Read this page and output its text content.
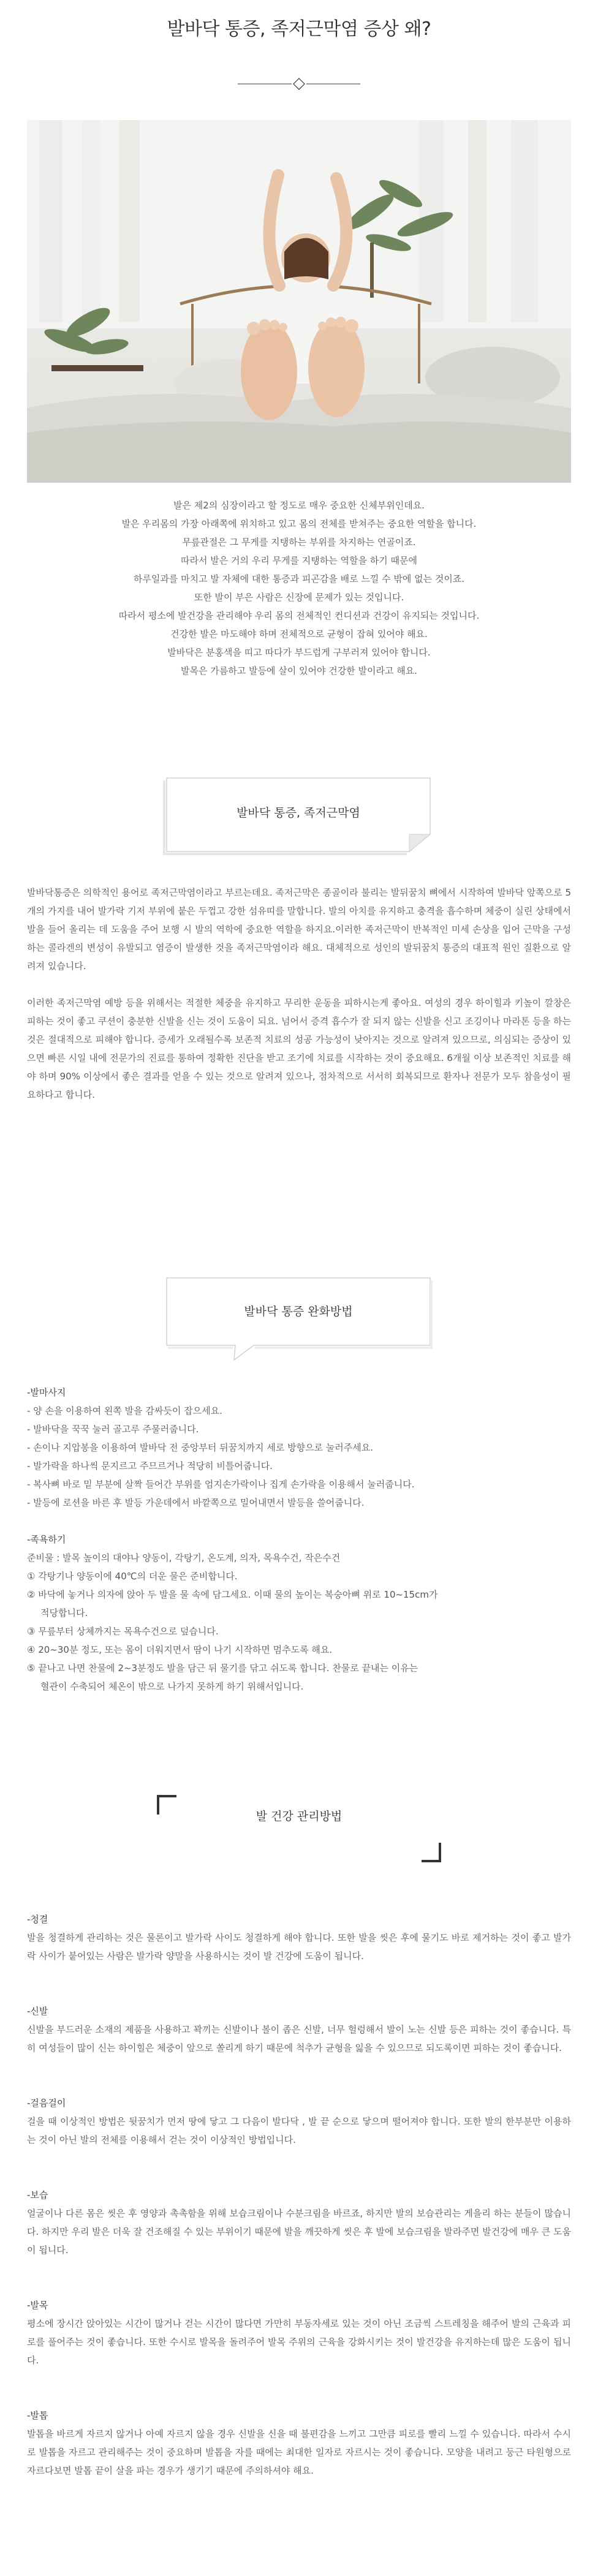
발바닥 통증, 족저근막염 증상 왜?

발은 제2의 심장이라고 할 정도로 매우 중요한 신체부위인데요.

발은 우리몸의 가장 아래쪽에 위치하고 있고 몸의 전체를 받쳐주는 중요한 역할을 합니다.

무릎관절은 그 무게를 지탱하는 부위를 차지하는 연골이죠.

따라서 발은 거의 우리 무게를 지탱하는 역할을 하기 때문에

하루일과를 마치고 발 자체에 대한 통증과 피곤감을 배로 느낄 수 밖에 없는 것이죠.

또한 발이 부은 사람은 신장에 문제가 있는 것입니다.

따라서 평소에 발건강을 관리해야 우리 몸의 전체적인 컨디션과 건강이 유지되는 것입니다.

건강한 발은 마도해야 하며 전체적으로 균형이 잡혀 있어야 해요.

발바닥은 분홍색을 띠고 따다가 부드럽게 구부러져 있어야 합니다.

발목은 가름하고 발등에 살이 있어야 건강한 발이라고 해요.

발바닥 통증, 족저근막염

발바닥통증은 의학적인 용어로 족저근막염이라고 부르는데요. 족저근막은 종골이라 불리는 발뒤꿈치 뼈에서 시작하여 발바닥 앞쪽으로 5개의 가지를 내어 발가락 기저 부위에 붙은 두껍고 강한 섬유띠를 말합니다. 발의 아치를 유지하고 충격을 흡수하며 체중이 실린 상태에서 발을 들어 올리는 데 도움을 주어 보행 시 발의 역학에 중요한 역할을 하지요.이러한 족저근막이 반복적인 미세 손상을 입어 근막을 구성하는 콜라겐의 변성이 유발되고 염증이 발생한 것을 족저근막염이라 해요. 대체적으로 성인의 발뒤꿈치 통증의 대표적 원인 질환으로 알려져 있습니다.

이러한 족저근막염 예방 등을 위해서는 적절한 체중을 유지하고 무리한 운동을 피하시는게 좋아요. 여성의 경우 하이힐과 키높이 깔창은 피하는 것이 좋고 쿠션이 충분한 신발을 신는 것이 도움이 되요. 넘어서 증격 흡수가 잘 되지 않는 신발을 신고 조깅이나 마라톤 등을 하는 것은 절대적으로 피해야 합니다. 증세가 오래될수록 보존적 치료의 성공 가능성이 낮아지는 것으로 알려져 있으므로, 의심되는 증상이 있으면 빠른 시일 내에 전문가의 진료를 통하여 정확한 진단을 받고 조기에 치료를 시작하는 것이 중요해요. 6개월 이상 보존적인 치료를 해야 하며 90% 이상에서 좋은 결과를 얻을 수 있는 것으로 알려져 있으나, 점차적으로 서서히 회복되므로 환자나 전문가 모두 참을성이 필요하다고 합니다.

발바닥 통증 완화방법
-발마사지
- 양 손을 이용하여 왼쪽 발을 감싸듯이 잡으세요.
- 발바닥을 꾹꾹 눌러 골고루 주물러줍니다.
- 손이나 지압봉을 이용하여 발바닥 전 중앙부터 뒤꿈치까지 세로 방향으로 눌러주세요.
- 발가락을 하나씩 문지르고 주므르거나 적당히 비틀어줍니다.
- 복사뼈 바로 밑 부분에 살짝 들어간 부위를 엄지손가락이나 집게 손가락을 이용해서 눌러줍니다.
- 발등에 로션을 바른 후 발등 가운데에서 바깥쪽으로 밀어내면서 발등을 쓸어줍니다.
-족욕하기
준비물 : 발목 높이의 대야나 양동이, 각탕기, 온도계, 의자, 목욕수건, 작은수건
① 각탕기나 양동이에 40℃의 더운 물은 준비합니다.
② 바닥에 놓거나 의자에 앉아 두 발을 물 속에 담그세요. 이때 물의 높이는 복숭아뼈 위로 10~15cm가
적당합니다.
③ 무릎부터 상체까지는 목욕수건으로 덮습니다.
④ 20~30분 정도, 또는 몸이 더워지면서 땀이 나기 시작하면 멈추도록 해요.
⑤ 끝나고 나면 찬물에 2~3분정도 발을 담근 뒤 물기를 닦고 쉬도록 합니다. 찬물로 끝내는 이유는
혈관이 수축되어 체온이 밖으로 나가지 못하게 하기 위해서입니다.
발 건강 관리방법
-청결
발을 청결하게 관리하는 것은 물론이고 발가락 사이도 청결하게 해야 합니다. 또한 발을 씻은 후에 물기도 바로 제거하는 것이 좋고 발가락 사이가 붙어있는 사람은 발가락 양말을 사용하시는 것이 발 건강에 도움이 됩니다.
-신발
신발을 부드러운 소재의 제품을 사용하고 꽉끼는 신발이나 볼이 좁은 신발, 너무 헐렁해서 발이 노는 신발 등은 피하는 것이 좋습니다. 특히 여성들이 많이 신는 하이힐은 체중이 앞으로 쏠리게 하기 때문에 척추가 균형을 잃을 수 있으므로 되도록이면 피하는 것이 좋습니다.
-걸음걸이
걸을 때 이상적인 방법은 뒷꿈치가 먼저 땅에 닿고 그 다음이 발다닥 , 발 끝 순으로 닿으며 떨어져야 합니다. 또한 발의 한부분만 이용하는 것이 아닌 발의 전체를 이용해서 걷는 것이 이상적인 방법입니다.
-보습
얼굴이나 다른 몸은 씻은 후 영양과 촉촉함을 위해 보습크림이나 수분크림을 바르죠, 하지만 발의 보습관리는 게을리 하는 분들이 많습니다. 하지만 우리 발은 더욱 잘 건조해질 수 있는 부위이기 때문에 발을 깨끗하게 씻은 후 발에 보습크림을 발라주면 발건강에 매우 큰 도움이 됩니다.
-발목
평소에 장시간 앉아있는 시간이 많거나 걷는 시간이 많다면 가만히 부동자세로 있는 것이 아닌 조금씩 스트레칭을 해주어 발의 근육과 피로를 풀어주는 것이 좋습니다. 또한 수시로 발목을 돌려주어 발목 주위의 근육을 강화시키는 것이 발건강을 유지하는데 많은 도움이 됩니다.
-발톱
발톱을 바르게 자르지 않거나 아예 자르지 않을 경우 신발을 신을 때 불편감을 느끼고 그만큼 피로를 빨리 느낄 수 있습니다. 따라서 수시로 발톱을 자르고 관리해주는 것이 중요하며 발톱을 자를 때에는 최대한 일자로 자르시는 것이 좋습니다. 모양을 내려고 둥근 타원형으로 자르다보면 발톱 끝이 살을 파는 경우가 생기기 때문에 주의하셔야 해요.
